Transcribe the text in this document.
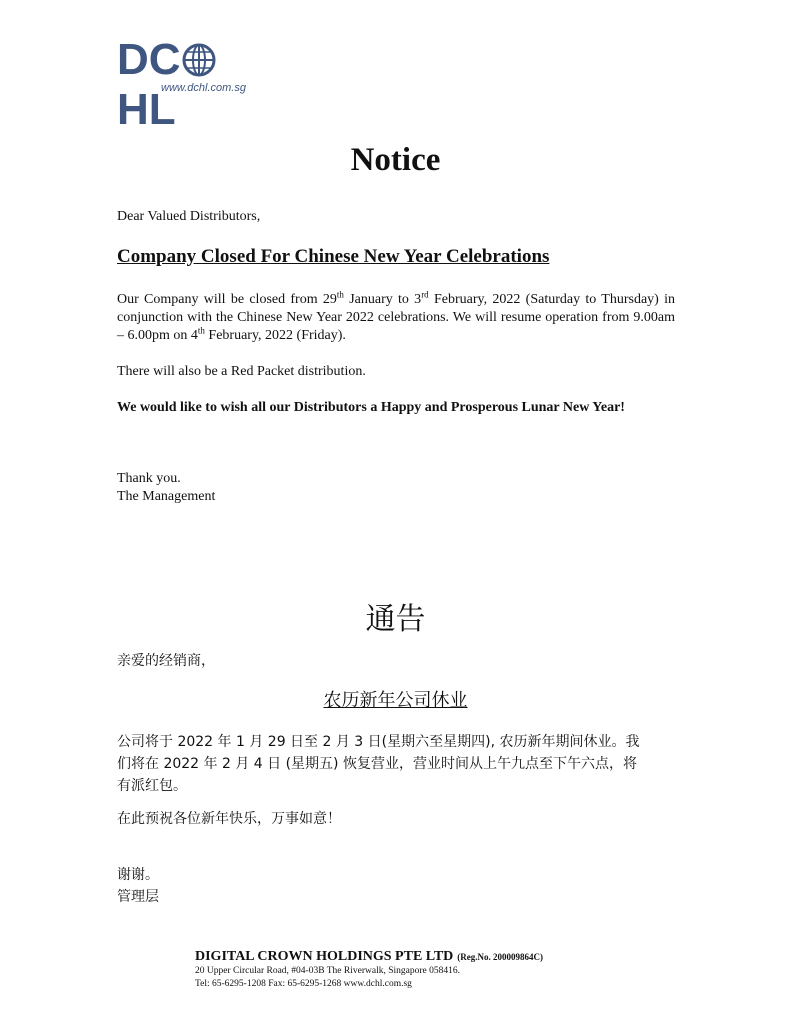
DCHL
www.dchl.com.sg
Notice
Dear Valued Distributors,
Company Closed For Chinese New Year Celebrations
Our Company will be closed from 29th January to 3rd February, 2022 (Saturday to Thursday) in conjunction with the Chinese New Year 2022 celebrations. We will resume operation from 9.00am – 6.00pm on 4th February, 2022 (Friday).
There will also be a Red Packet distribution.
We would like to wish all our Distributors a Happy and Prosperous Lunar New Year!
Thank you.
The Management
通告
亲爱的经销商，
农历新年公司休业
公司将于 2022 年 1 月 29 日至 2 月 3 日(星期六至星期四), 农历新年期间休业。我
们将在 2022 年 2 月 4 日 (星期五) 恢复营业，营业时间从上午九点至下午六点，将
有派红包。
在此预祝各位新年快乐，万事如意！
谢谢。
管理层
DIGITAL CROWN HOLDINGS PTE LTD (Reg.No. 200009864C)
20 Upper Circular Road, #04-03B The Riverwalk, Singapore 058416.
Tel: 65-6295-1208 Fax: 65-6295-1268 www.dchl.com.sg
